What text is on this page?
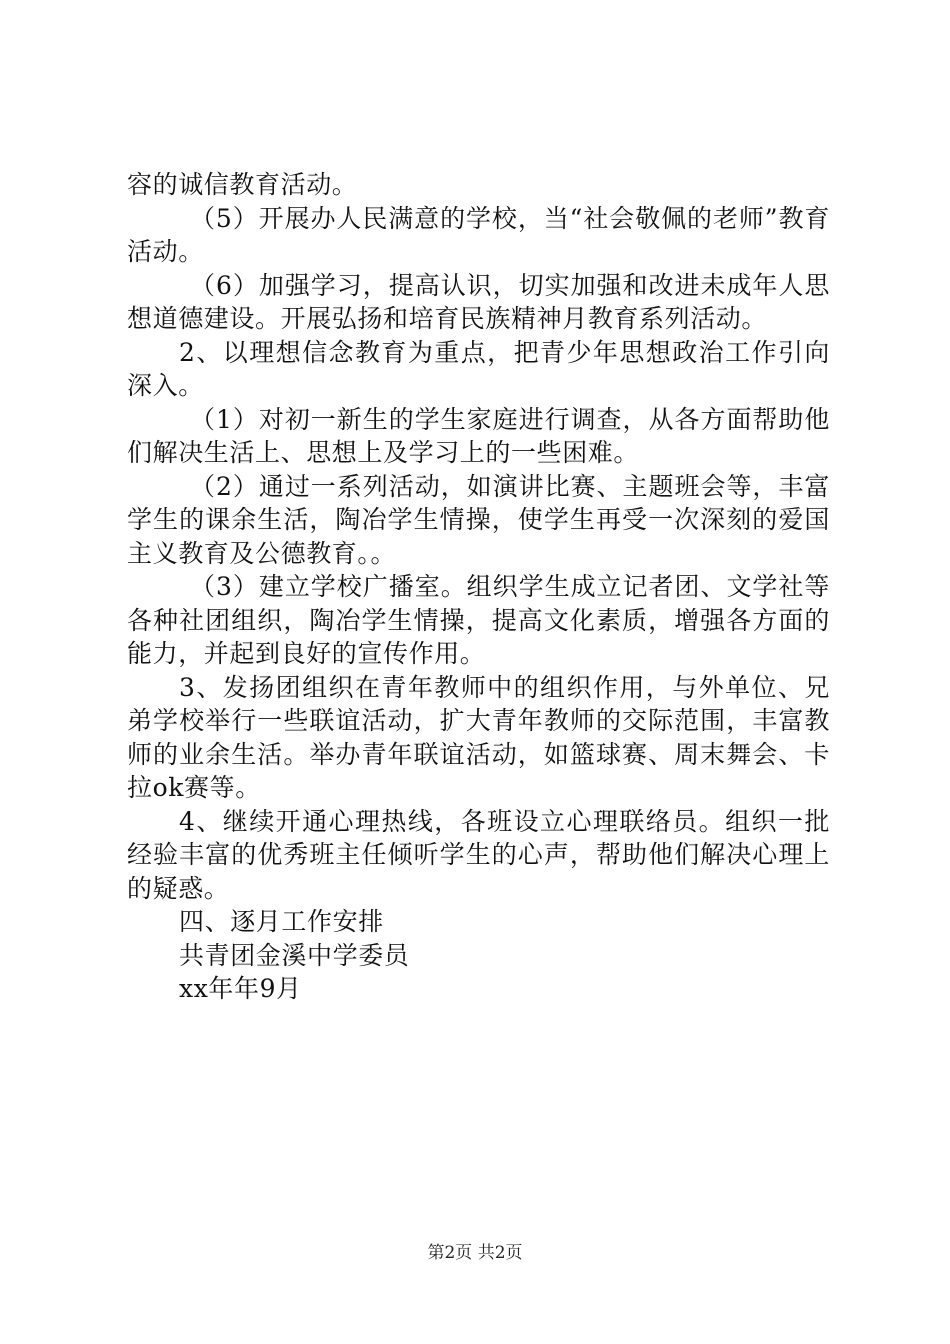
容的诚信教育活动。

（5）开展办人民满意的学校，当“社会敬佩的老师”教育活动。

（6）加强学习，提高认识，切实加强和改进未成年人思想道德建设。开展弘扬和培育民族精神月教育系列活动。

2、以理想信念教育为重点，把青少年思想政治工作引向深入。

（1）对初一新生的学生家庭进行调查，从各方面帮助他们解决生活上、思想上及学习上的一些困难。

（2）通过一系列活动，如演讲比赛、主题班会等，丰富学生的课余生活，陶冶学生情操，使学生再受一次深刻的爱国主义教育及公德教育。。

（3）建立学校广播室。组织学生成立记者团、文学社等各种社团组织，陶冶学生情操，提高文化素质，增强各方面的能力，并起到良好的宣传作用。

3、发扬团组织在青年教师中的组织作用，与外单位、兄弟学校举行一些联谊活动，扩大青年教师的交际范围，丰富教师的业余生活。举办青年联谊活动，如篮球赛、周末舞会、卡拉ok赛等。

4、继续开通心理热线，各班设立心理联络员。组织一批经验丰富的优秀班主任倾听学生的心声，帮助他们解决心理上的疑惑。

四、逐月工作安排

共青团金溪中学委员

xx年年9月

第2页 共2页
